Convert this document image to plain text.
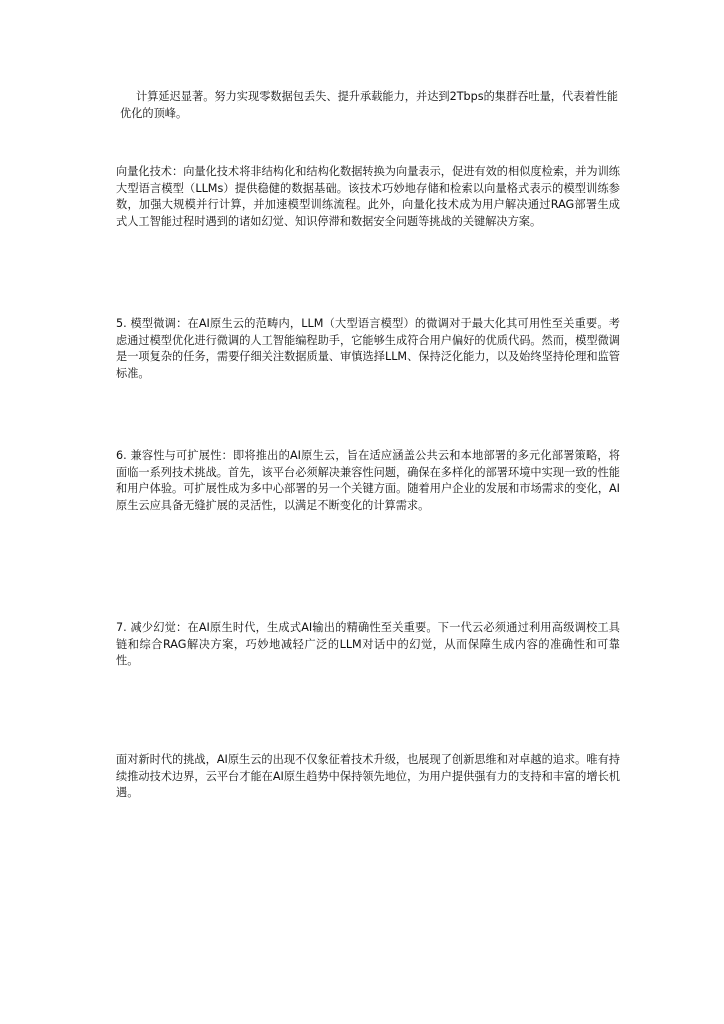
计算延迟显著。努力实现零数据包丢失、提升承载能力，并达到2Tbps的集群吞吐量，代表着性能优化的顶峰。

向量化技术：向量化技术将非结构化和结构化数据转换为向量表示，促进有效的相似度检索，并为训练大型语言模型（LLMs）提供稳健的数据基础。该技术巧妙地存储和检索以向量格式表示的模型训练参数，加强大规模并行计算，并加速模型训练流程。此外，向量化技术成为用户解决通过RAG部署生成式人工智能过程时遇到的诸如幻觉、知识停滞和数据安全问题等挑战的关键解决方案。

5. 模型微调：在AI原生云的范畴内，LLM（大型语言模型）的微调对于最大化其可用性至关重要。考虑通过模型优化进行微调的人工智能编程助手，它能够生成符合用户偏好的优质代码。然而，模型微调是一项复杂的任务，需要仔细关注数据质量、审慎选择LLM、保持泛化能力，以及始终坚持伦理和监管标准。

6. 兼容性与可扩展性：即将推出的AI原生云，旨在适应涵盖公共云和本地部署的多元化部署策略，将面临一系列技术挑战。首先，该平台必须解决兼容性问题，确保在多样化的部署环境中实现一致的性能和用户体验。可扩展性成为多中心部署的另一个关键方面。随着用户企业的发展和市场需求的变化，AI原生云应具备无缝扩展的灵活性，以满足不断变化的计算需求。

7. 减少幻觉：在AI原生时代，生成式AI输出的精确性至关重要。下一代云必须通过利用高级调校工具链和综合RAG解决方案，巧妙地减轻广泛的LLM对话中的幻觉，从而保障生成内容的准确性和可靠性。

面对新时代的挑战，AI原生云的出现不仅象征着技术升级，也展现了创新思维和对卓越的追求。唯有持续推动技术边界，云平台才能在AI原生趋势中保持领先地位，为用户提供强有力的支持和丰富的增长机遇。
